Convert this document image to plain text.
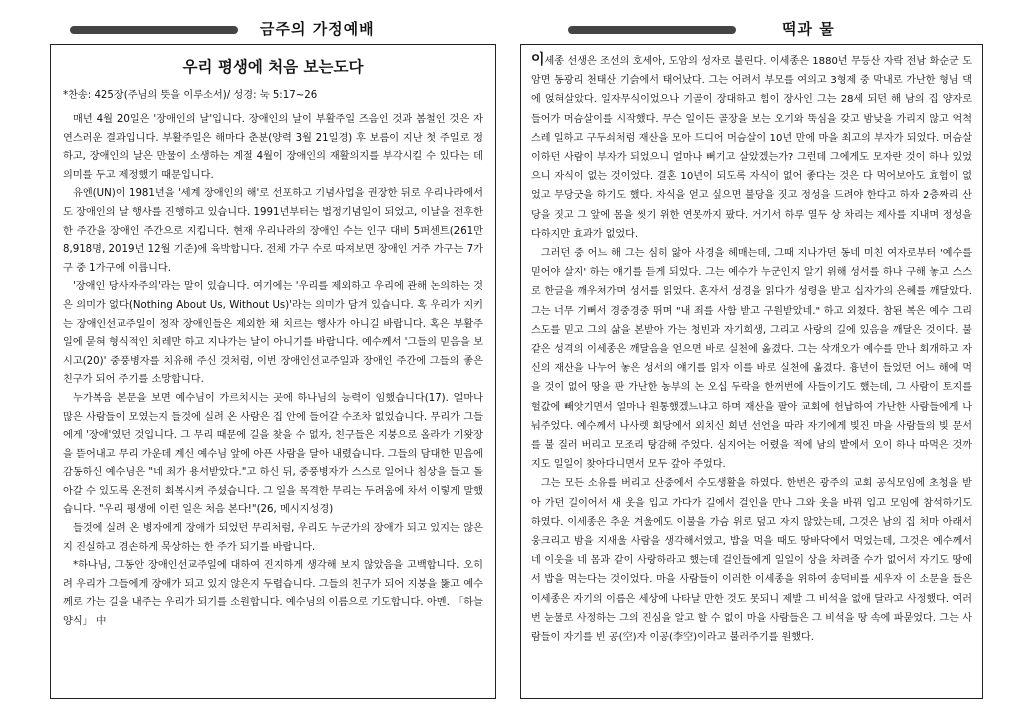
금주의 가정예배
우리 평생에 처음 보는도다
*찬송: 425장(주님의 뜻을 이루소서)/ 성경: 눅 5:17~26

매년 4월 20일은 '장애인의 날'입니다. 장애인의 날이 부활주일 즈음인 것과 봄철인 것은 자연스러운 결과입니다. 부활주일은 해마다 춘분(양력 3월 21일경) 후 보름이 지난 첫 주일로 정하고, 장애인의 날은 만물이 소생하는 계절 4월이 장애인의 재활의지를 부각시킬 수 있다는 데 의미를 두고 제정했기 때문입니다.

유엔(UN)이 1981년을 '세계 장애인의 해'로 선포하고 기념사업을 권장한 뒤로 우리나라에서도 장애인의 날 행사를 진행하고 있습니다. 1991년부터는 법정기념일이 되었고, 이날을 전후한 한 주간을 장애인 주간으로 지킵니다. 현재 우리나라의 장애인 수는 인구 대비 5퍼센트(261만 8,918명, 2019년 12월 기준)에 육박합니다. 전체 가구 수로 따져보면 장애인 거주 가구는 7가구 중 1가구에 이릅니다.

'장애인 당사자주의'라는 말이 있습니다. 여기에는 '우리를 제외하고 우리에 관해 논의하는 것은 의미가 없다(Nothing About Us, Without Us)'라는 의미가 담겨 있습니다. 혹 우리가 지키는 장애인선교주일이 정작 장애인들은 제외한 채 치르는 행사가 아니길 바랍니다. 혹은 부활주일에 묻혀 형식적인 치레만 하고 지나가는 날이 아니기를 바랍니다. 예수께서 '그들의 믿음을 보시고(20)' 중풍병자를 치유해 주신 것처럼, 이번 장애인선교주일과 장애인 주간에 그들의 좋은 친구가 되어 주기를 소망합니다.

누가복음 본문을 보면 예수님이 가르치시는 곳에 하나님의 능력이 임했습니다(17). 얼마나 많은 사람들이 모였는지 들것에 실려 온 사람은 집 안에 들어갈 수조차 없었습니다. 무리가 그들에게 '장애'였던 것입니다. 그 무리 때문에 길을 찾을 수 없자, 친구들은 지붕으로 올라가 기왓장을 뜯어내고 무리 가운데 계신 예수님 앞에 아픈 사람을 달아 내렸습니다. 그들의 담대한 믿음에 감동하신 예수님은 "네 죄가 용서받았다."고 하신 뒤, 중풍병자가 스스로 일어나 침상을 들고 돌아갈 수 있도록 온전히 회복시켜 주셨습니다. 그 일을 목격한 무리는 두려움에 차서 이렇게 말했습니다. "우리 평생에 이런 일은 처음 본다!"(26, 메시지성경)

들것에 실려 온 병자에게 장애가 되었던 무리처럼, 우리도 누군가의 장애가 되고 있지는 않은지 진실하고 겸손하게 묵상하는 한 주가 되기를 바랍니다.

*하나님, 그동안 장애인선교주일에 대하여 진지하게 생각해 보지 않았음을 고백합니다. 오히려 우리가 그들에게 장애가 되고 있지 않은지 두렵습니다. 그들의 친구가 되어 지붕을 뚫고 예수께로 가는 길을 내주는 우리가 되기를 소원합니다. 예수님의 이름으로 기도합니다. 아멘. 「하늘양식」 中

떡과 물

이세종 선생은 조선의 호세아, 도암의 성자로 불린다. 이세종은 1880년 무등산 자락 전남 화순군 도암면 동광리 천태산 기슭에서 태어났다. 그는 어려서 부모를 여의고 3형제 중 막내로 가난한 형님 댁에 얹혀살았다. 일자무식이었으나 기골이 장대하고 힘이 장사인 그는 28세 되던 해 남의 집 양자로 들어가 머슴살이를 시작했다. 무슨 일이든 골장을 보는 오기와 뚝심을 갖고 밤낮을 가리지 않고 억척스레 일하고 구두쇠처럼 재산을 모아 드디어 머슴살이 10년 만에 마을 최고의 부자가 되었다. 머슴살이하던 사람이 부자가 되었으니 얼마나 뻐기고 살았겠는가? 그런데 그에게도 모자란 것이 하나 있었으니 자식이 없는 것이었다. 결혼 10년이 되도록 자식이 없어 좋다는 것은 다 먹어보아도 효험이 없었고 무당굿을 하기도 했다. 자식을 얻고 싶으면 불당을 짓고 정성을 드려야 한다고 하자 2층짜리 산당을 짓고 그 앞에 몸을 씻기 위한 연못까지 팠다. 거기서 하루 열두 상 차리는 제사를 지내며 정성을 다하지만 효과가 없었다.

그러던 중 어느 해 그는 심히 앓아 사경을 헤매는데, 그때 지나가던 동네 미친 여자로부터 '예수를 믿어야 살지' 하는 얘기를 듣게 되었다. 그는 예수가 누군인지 알기 위해 성서를 하나 구해 놓고 스스로 한글을 깨우쳐가며 성서를 읽었다. 혼자서 성경을 읽다가 성령을 받고 십자가의 은혜를 깨달았다. 그는 너무 기뻐서 경중경중 뛰며 "내 죄를 사함 받고 구원받았네." 하고 외쳤다. 참된 복은 예수 그리스도를 믿고 그의 삶을 본받아 가는 청빈과 자기희생, 그리고 사랑의 길에 있음을 깨달은 것이다. 불같은 성격의 이세종은 깨달음을 얻으면 바로 실천에 옮겼다. 그는 삭개오가 예수를 만나 회개하고 자신의 재산을 나누어 놓은 성서의 얘기를 읽자 이를 바로 실천에 옮겼다. 흉년이 들었던 어느 해에 먹을 것이 없어 땅을 판 가난한 농부의 논 오십 두락을 한꺼번에 사들이기도 했는데, 그 사람이 토지를 헐값에 빼앗기면서 얼마나 원통했겠느냐고 하며 재산을 팔아 교회에 헌납하여 가난한 사람들에게 나눠주었다. 예수께서 나사렛 회당에서 외치신 희년 선언을 따라 자기에게 빚진 마을 사람들의 빚 문서를 불 질러 버리고 모조리 탕감해 주었다. 심지어는 어렸을 적에 남의 밭에서 오이 하나 따먹은 것까지도 일일이 찾아다니면서 모두 갚아 주었다.

그는 모든 소유를 버리고 산중에서 수도생활을 하였다. 한번은 광주의 교회 공식모임에 초청을 받아 가던 길이어서 새 옷을 입고 가다가 길에서 걸인을 만나 그와 옷을 바꿔 입고 모임에 참석하기도 하였다. 이세종은 추운 겨울에도 이불을 가슴 위로 덮고 자지 않았는데, 그것은 남의 집 처마 아래서 웅크리고 밤을 지새울 사람을 생각해서였고, 밥을 먹을 때도 땅바닥에서 먹었는데, 그것은 예수께서 네 이웃을 네 몸과 같이 사랑하라고 했는데 걸인들에게 일일이 상을 차려줄 수가 없어서 자기도 땅에서 밥을 먹는다는 것이었다. 마을 사람들이 이러한 이세종을 위하여 송덕비를 세우자 이 소문을 들은 이세종은 자기의 이름은 세상에 나타날 만한 것도 못되니 제발 그 비석을 없애 달라고 사정했다. 여러 번 눈물로 사정하는 그의 진심을 알고 할 수 없이 마을 사람들은 그 비석을 땅 속에 파묻었다. 그는 사람들이 자기를 빈 공(空)자 이공(李空)이라고 불러주기를 원했다.
